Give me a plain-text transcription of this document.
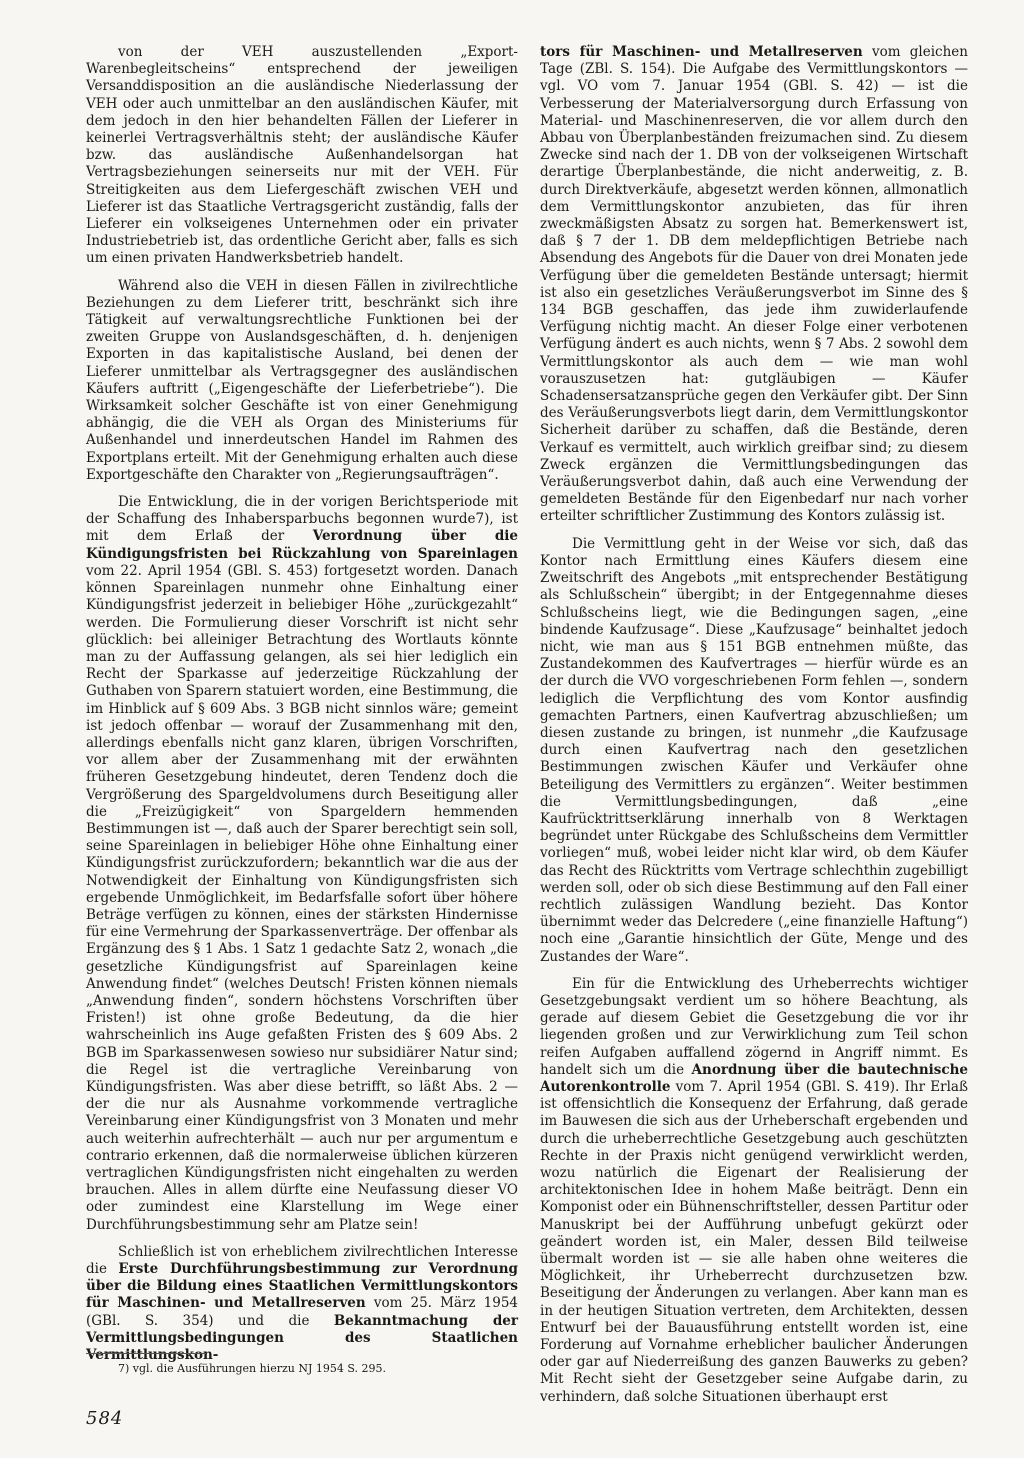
von der VEH auszustellenden „Export-Warenbegleitscheins“ entsprechend der jeweiligen Versanddisposition an die ausländische Niederlassung der VEH oder auch unmittelbar an den ausländischen Käufer, mit dem jedoch in den hier behandelten Fällen der Lieferer in keinerlei Vertragsverhältnis steht; der ausländische Käufer bzw. das ausländische Außenhandelsorgan hat Vertragsbeziehungen seinerseits nur mit der VEH. Für Streitigkeiten aus dem Liefergeschäft zwischen VEH und Lieferer ist das Staatliche Vertragsgericht zuständig, falls der Lieferer ein volkseigenes Unternehmen oder ein privater Industriebetrieb ist, das ordentliche Gericht aber, falls es sich um einen privaten Handwerksbetrieb handelt.

Während also die VEH in diesen Fällen in zivilrechtliche Beziehungen zu dem Lieferer tritt, beschränkt sich ihre Tätigkeit auf verwaltungsrechtliche Funktionen bei der zweiten Gruppe von Auslandsgeschäften, d. h. denjenigen Exporten in das kapitalistische Ausland, bei denen der Lieferer unmittelbar als Vertragsgegner des ausländischen Käufers auftritt („Eigengeschäfte der Lieferbetriebe“). Die Wirksamkeit solcher Geschäfte ist von einer Genehmigung abhängig, die die VEH als Organ des Ministeriums für Außenhandel und innerdeutschen Handel im Rahmen des Exportplans erteilt. Mit der Genehmigung erhalten auch diese Exportgeschäfte den Charakter von „Regierungsaufträgen“.

Die Entwicklung, die in der vorigen Berichtsperiode mit der Schaffung des Inhabersparbuchs begonnen wurde7), ist mit dem Erlaß der Verordnung über die Kündigungsfristen bei Rückzahlung von Spareinlagen vom 22. April 1954 (GBl. S. 453) fortgesetzt worden. Danach können Spareinlagen nunmehr ohne Einhaltung einer Kündigungsfrist jederzeit in beliebiger Höhe „zurückgezahlt“ werden. Die Formulierung dieser Vorschrift ist nicht sehr glücklich: bei alleiniger Betrachtung des Wortlauts könnte man zu der Auffassung gelangen, als sei hier lediglich ein Recht der Sparkasse auf jederzeitige Rückzahlung der Guthaben von Sparern statuiert worden, eine Bestimmung, die im Hinblick auf § 609 Abs. 3 BGB nicht sinnlos wäre; gemeint ist jedoch offenbar — worauf der Zusammenhang mit den, allerdings ebenfalls nicht ganz klaren, übrigen Vorschriften, vor allem aber der Zusammenhang mit der erwähnten früheren Gesetzgebung hindeutet, deren Tendenz doch die Vergrößerung des Spargeldvolumens durch Beseitigung aller die „Freizügigkeit“ von Spargeldern hemmenden Bestimmungen ist —, daß auch der Sparer berechtigt sein soll, seine Spareinlagen in beliebiger Höhe ohne Einhaltung einer Kündigungsfrist zurückzufordern; bekanntlich war die aus der Notwendigkeit der Einhaltung von Kündigungsfristen sich ergebende Unmöglichkeit, im Bedarfsfalle sofort über höhere Beträge verfügen zu können, eines der stärksten Hindernisse für eine Vermehrung der Sparkassenverträge. Der offenbar als Ergänzung des § 1 Abs. 1 Satz 1 gedachte Satz 2, wonach „die gesetzliche Kündigungsfrist auf Spareinlagen keine Anwendung findet“ (welches Deutsch! Fristen können niemals „Anwendung finden“, sondern höchstens Vorschriften über Fristen!) ist ohne große Bedeutung, da die hier wahrscheinlich ins Auge gefaßten Fristen des § 609 Abs. 2 BGB im Sparkassenwesen sowieso nur subsidiärer Natur sind; die Regel ist die vertragliche Vereinbarung von Kündigungsfristen. Was aber diese betrifft, so läßt Abs. 2 — der die nur als Ausnahme vorkommende vertragliche Vereinbarung einer Kündigungsfrist von 3 Monaten und mehr auch weiterhin aufrechterhält — auch nur per argumentum e contrario erkennen, daß die normalerweise üblichen kürzeren vertraglichen Kündigungsfristen nicht eingehalten zu werden brauchen. Alles in allem dürfte eine Neufassung dieser VO oder zumindest eine Klarstellung im Wege einer Durchführungsbestimmung sehr am Platze sein!

Schließlich ist von erheblichem zivilrechtlichen Interesse die Erste Durchführungsbestimmung zur Verordnung über die Bildung eines Staatlichen Vermittlungskontors für Maschinen- und Metallreserven vom 25. März 1954 (GBl. S. 354) und die Bekanntmachung der Vermittlungsbedingungen des Staatlichen Vermittlungskon-

tors für Maschinen- und Metallreserven vom gleichen Tage (ZBl. S. 154). Die Aufgabe des Vermittlungskontors — vgl. VO vom 7. Januar 1954 (GBl. S. 42) — ist die Verbesserung der Materialversorgung durch Erfassung von Material- und Maschinenreserven, die vor allem durch den Abbau von Überplanbeständen freizumachen sind. Zu diesem Zwecke sind nach der 1. DB von der volkseigenen Wirtschaft derartige Überplanbestände, die nicht anderweitig, z. B. durch Direktverkäufe, abgesetzt werden können, allmonatlich dem Vermittlungskontor anzubieten, das für ihren zweckmäßigsten Absatz zu sorgen hat. Bemerkenswert ist, daß § 7 der 1. DB dem meldepflichtigen Betriebe nach Absendung des Angebots für die Dauer von drei Monaten jede Verfügung über die gemeldeten Bestände untersagt; hiermit ist also ein gesetzliches Veräußerungsverbot im Sinne des § 134 BGB geschaffen, das jede ihm zuwiderlaufende Verfügung nichtig macht. An dieser Folge einer verbotenen Verfügung ändert es auch nichts, wenn § 7 Abs. 2 sowohl dem Vermittlungskontor als auch dem — wie man wohl vorauszusetzen hat: gutgläubigen — Käufer Schadensersatzansprüche gegen den Verkäufer gibt. Der Sinn des Veräußerungsverbots liegt darin, dem Vermittlungskontor Sicherheit darüber zu schaffen, daß die Bestände, deren Verkauf es vermittelt, auch wirklich greifbar sind; zu diesem Zweck ergänzen die Vermittlungsbedingungen das Veräußerungsverbot dahin, daß auch eine Verwendung der gemeldeten Bestände für den Eigenbedarf nur nach vorher erteilter schriftlicher Zustimmung des Kontors zulässig ist.

Die Vermittlung geht in der Weise vor sich, daß das Kontor nach Ermittlung eines Käufers diesem eine Zweitschrift des Angebots „mit entsprechender Bestätigung als Schlußschein“ übergibt; in der Entgegennahme dieses Schlußscheins liegt, wie die Bedingungen sagen, „eine bindende Kaufzusage“. Diese „Kaufzusage“ beinhaltet jedoch nicht, wie man aus § 151 BGB entnehmen müßte, das Zustandekommen des Kaufvertrages — hierfür würde es an der durch die VVO vorgeschriebenen Form fehlen —, sondern lediglich die Verpflichtung des vom Kontor ausfindig gemachten Partners, einen Kaufvertrag abzuschließen; um diesen zustande zu bringen, ist nunmehr „die Kaufzusage durch einen Kaufvertrag nach den gesetzlichen Bestimmungen zwischen Käufer und Verkäufer ohne Beteiligung des Vermittlers zu ergänzen“. Weiter bestimmen die Vermittlungsbedingungen, daß „eine Kaufrücktrittserklärung innerhalb von 8 Werktagen begründet unter Rückgabe des Schlußscheins dem Vermittler vorliegen“ muß, wobei leider nicht klar wird, ob dem Käufer das Recht des Rücktritts vom Vertrage schlechthin zugebilligt werden soll, oder ob sich diese Bestimmung auf den Fall einer rechtlich zulässigen Wandlung bezieht. Das Kontor übernimmt weder das Delcredere („eine finanzielle Haftung“) noch eine „Garantie hinsichtlich der Güte, Menge und des Zustandes der Ware“.

Ein für die Entwicklung des Urheberrechts wichtiger Gesetzgebungsakt verdient um so höhere Beachtung, als gerade auf diesem Gebiet die Gesetzgebung die vor ihr liegenden großen und zur Verwirklichung zum Teil schon reifen Aufgaben auffallend zögernd in Angriff nimmt. Es handelt sich um die Anordnung über die bautechnische Autorenkontrolle vom 7. April 1954 (GBl. S. 419). Ihr Erlaß ist offensichtlich die Konsequenz der Erfahrung, daß gerade im Bauwesen die sich aus der Urheberschaft ergebenden und durch die urheberrechtliche Gesetzgebung auch geschützten Rechte in der Praxis nicht genügend verwirklicht werden, wozu natürlich die Eigenart der Realisierung der architektonischen Idee in hohem Maße beiträgt. Denn ein Komponist oder ein Bühnenschriftsteller, dessen Partitur oder Manuskript bei der Aufführung unbefugt gekürzt oder geändert worden ist, ein Maler, dessen Bild teilweise übermalt worden ist — sie alle haben ohne weiteres die Möglichkeit, ihr Urheberrecht durchzusetzen bzw. Beseitigung der Änderungen zu verlangen. Aber kann man es in der heutigen Situation vertreten, dem Architekten, dessen Entwurf bei der Bauausführung entstellt worden ist, eine Forderung auf Vornahme erheblicher baulicher Änderungen oder gar auf Niederreißung des ganzen Bauwerks zu geben? Mit Recht sieht der Gesetzgeber seine Aufgabe darin, zu verhindern, daß solche Situationen überhaupt erst

7) vgl. die Ausführungen hierzu NJ 1954 S. 295.
584
